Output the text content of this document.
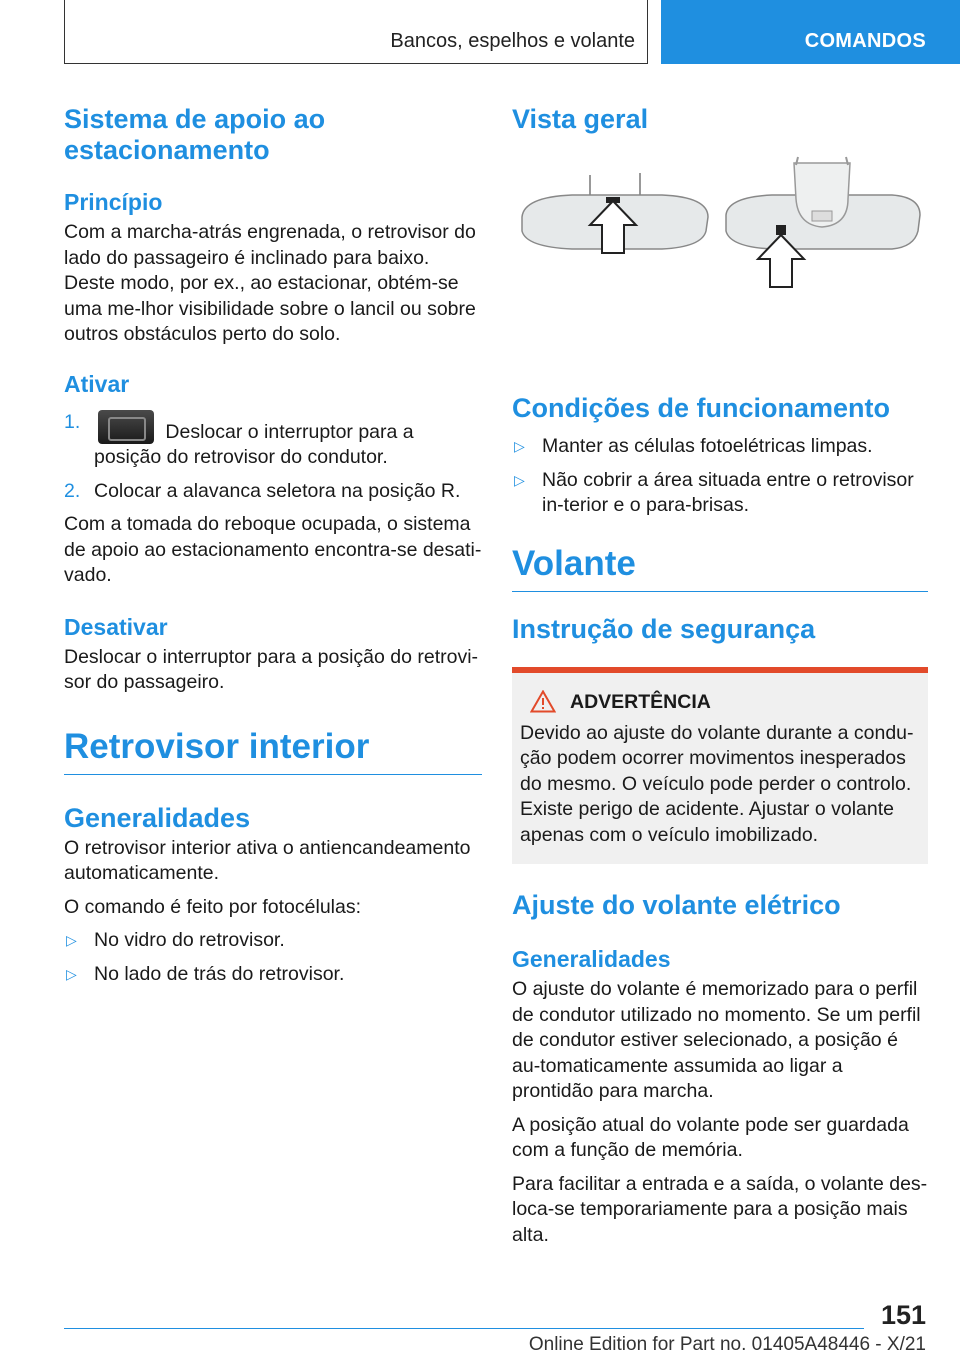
Bancos, espelhos e volante	COMANDOS
Sistema de apoio ao estacionamento
Princípio

Com a marcha-atrás engrenada, o retrovisor do lado do passageiro é inclinado para baixo. Deste modo, por ex., ao estacionar, obtém-se uma me-lhor visibilidade sobre o lancil ou sobre outros obstáculos perto do solo.

Ativar
1.	Deslocar o interruptor para a posição do retrovisor do condutor.
2. Colocar a alavanca seletora na posição R.

Com a tomada do reboque ocupada, o sistema de apoio ao estacionamento encontra-se desati-vado.

Desativar

Deslocar o interruptor para a posição do retrovi-sor do passageiro.

Retrovisor interior
Generalidades

O retrovisor interior ativa o antiencandeamento automaticamente.

O comando é feito por fotocélulas:

▷ No vidro do retrovisor.
▷ No lado de trás do retrovisor.
Vista geral
Condições de funcionamento
▷ Manter as células fotoelétricas limpas.
▷ Não cobrir a área situada entre o retrovisor in-terior e o para-brisas.
Volante
Instrução de segurança
ADVERTÊNCIA

Devido ao ajuste do volante durante a condu-ção podem ocorrer movimentos inesperados do mesmo. O veículo pode perder o controlo. Existe perigo de acidente. Ajustar o volante apenas com o veículo imobilizado.

Ajuste do volante elétrico
Generalidades

O ajuste do volante é memorizado para o perfil de condutor utilizado no momento. Se um perfil de condutor estiver selecionado, a posição é au-tomaticamente assumida ao ligar a prontidão para marcha.

A posição atual do volante pode ser guardada com a função de memória.

Para facilitar a entrada e a saída, o volante des-loca-se temporariamente para a posição mais alta.

151
Online Edition for Part no. 01405A48446 - X/21
